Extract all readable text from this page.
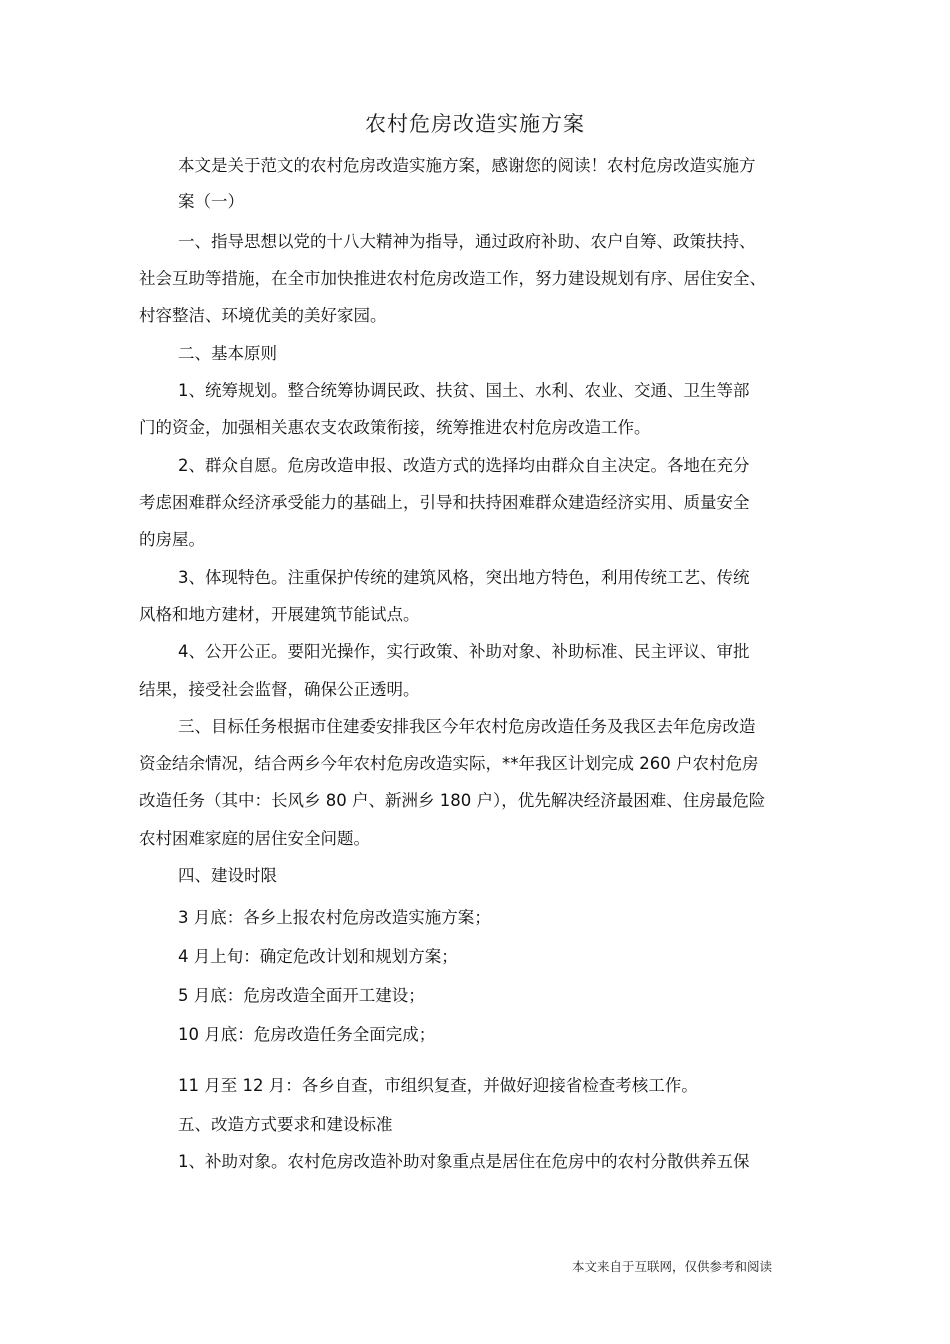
农村危房改造实施方案
本文是关于范文的农村危房改造实施方案，感谢您的阅读！农村危房改造实施方
案（一）
一、指导思想以党的十八大精神为指导，通过政府补助、农户自筹、政策扶持、
社会互助等措施，在全市加快推进农村危房改造工作，努力建设规划有序、居住安全、
村容整洁、环境优美的美好家园。
二、基本原则
1、统筹规划。整合统筹协调民政、扶贫、国土、水利、农业、交通、卫生等部
门的资金，加强相关惠农支农政策衔接，统筹推进农村危房改造工作。
2、群众自愿。危房改造申报、改造方式的选择均由群众自主决定。各地在充分
考虑困难群众经济承受能力的基础上，引导和扶持困难群众建造经济实用、质量安全
的房屋。
3、体现特色。注重保护传统的建筑风格，突出地方特色，利用传统工艺、传统
风格和地方建材，开展建筑节能试点。
4、公开公正。要阳光操作，实行政策、补助对象、补助标准、民主评议、审批
结果，接受社会监督，确保公正透明。
三、目标任务根据市住建委安排我区今年农村危房改造任务及我区去年危房改造
资金结余情况，结合两乡今年农村危房改造实际，**年我区计划完成 260 户农村危房
改造任务（其中：长风乡 80 户、新洲乡 180 户），优先解决经济最困难、住房最危险
农村困难家庭的居住安全问题。
四、建设时限
3 月底：各乡上报农村危房改造实施方案；
4 月上旬：确定危改计划和规划方案；
5 月底：危房改造全面开工建设；
10 月底：危房改造任务全面完成；
11 月至 12 月：各乡自查，市组织复查，并做好迎接省检查考核工作。
五、改造方式要求和建设标准
1、补助对象。农村危房改造补助对象重点是居住在危房中的农村分散供养五保
本文来自于互联网，仅供参考和阅读
